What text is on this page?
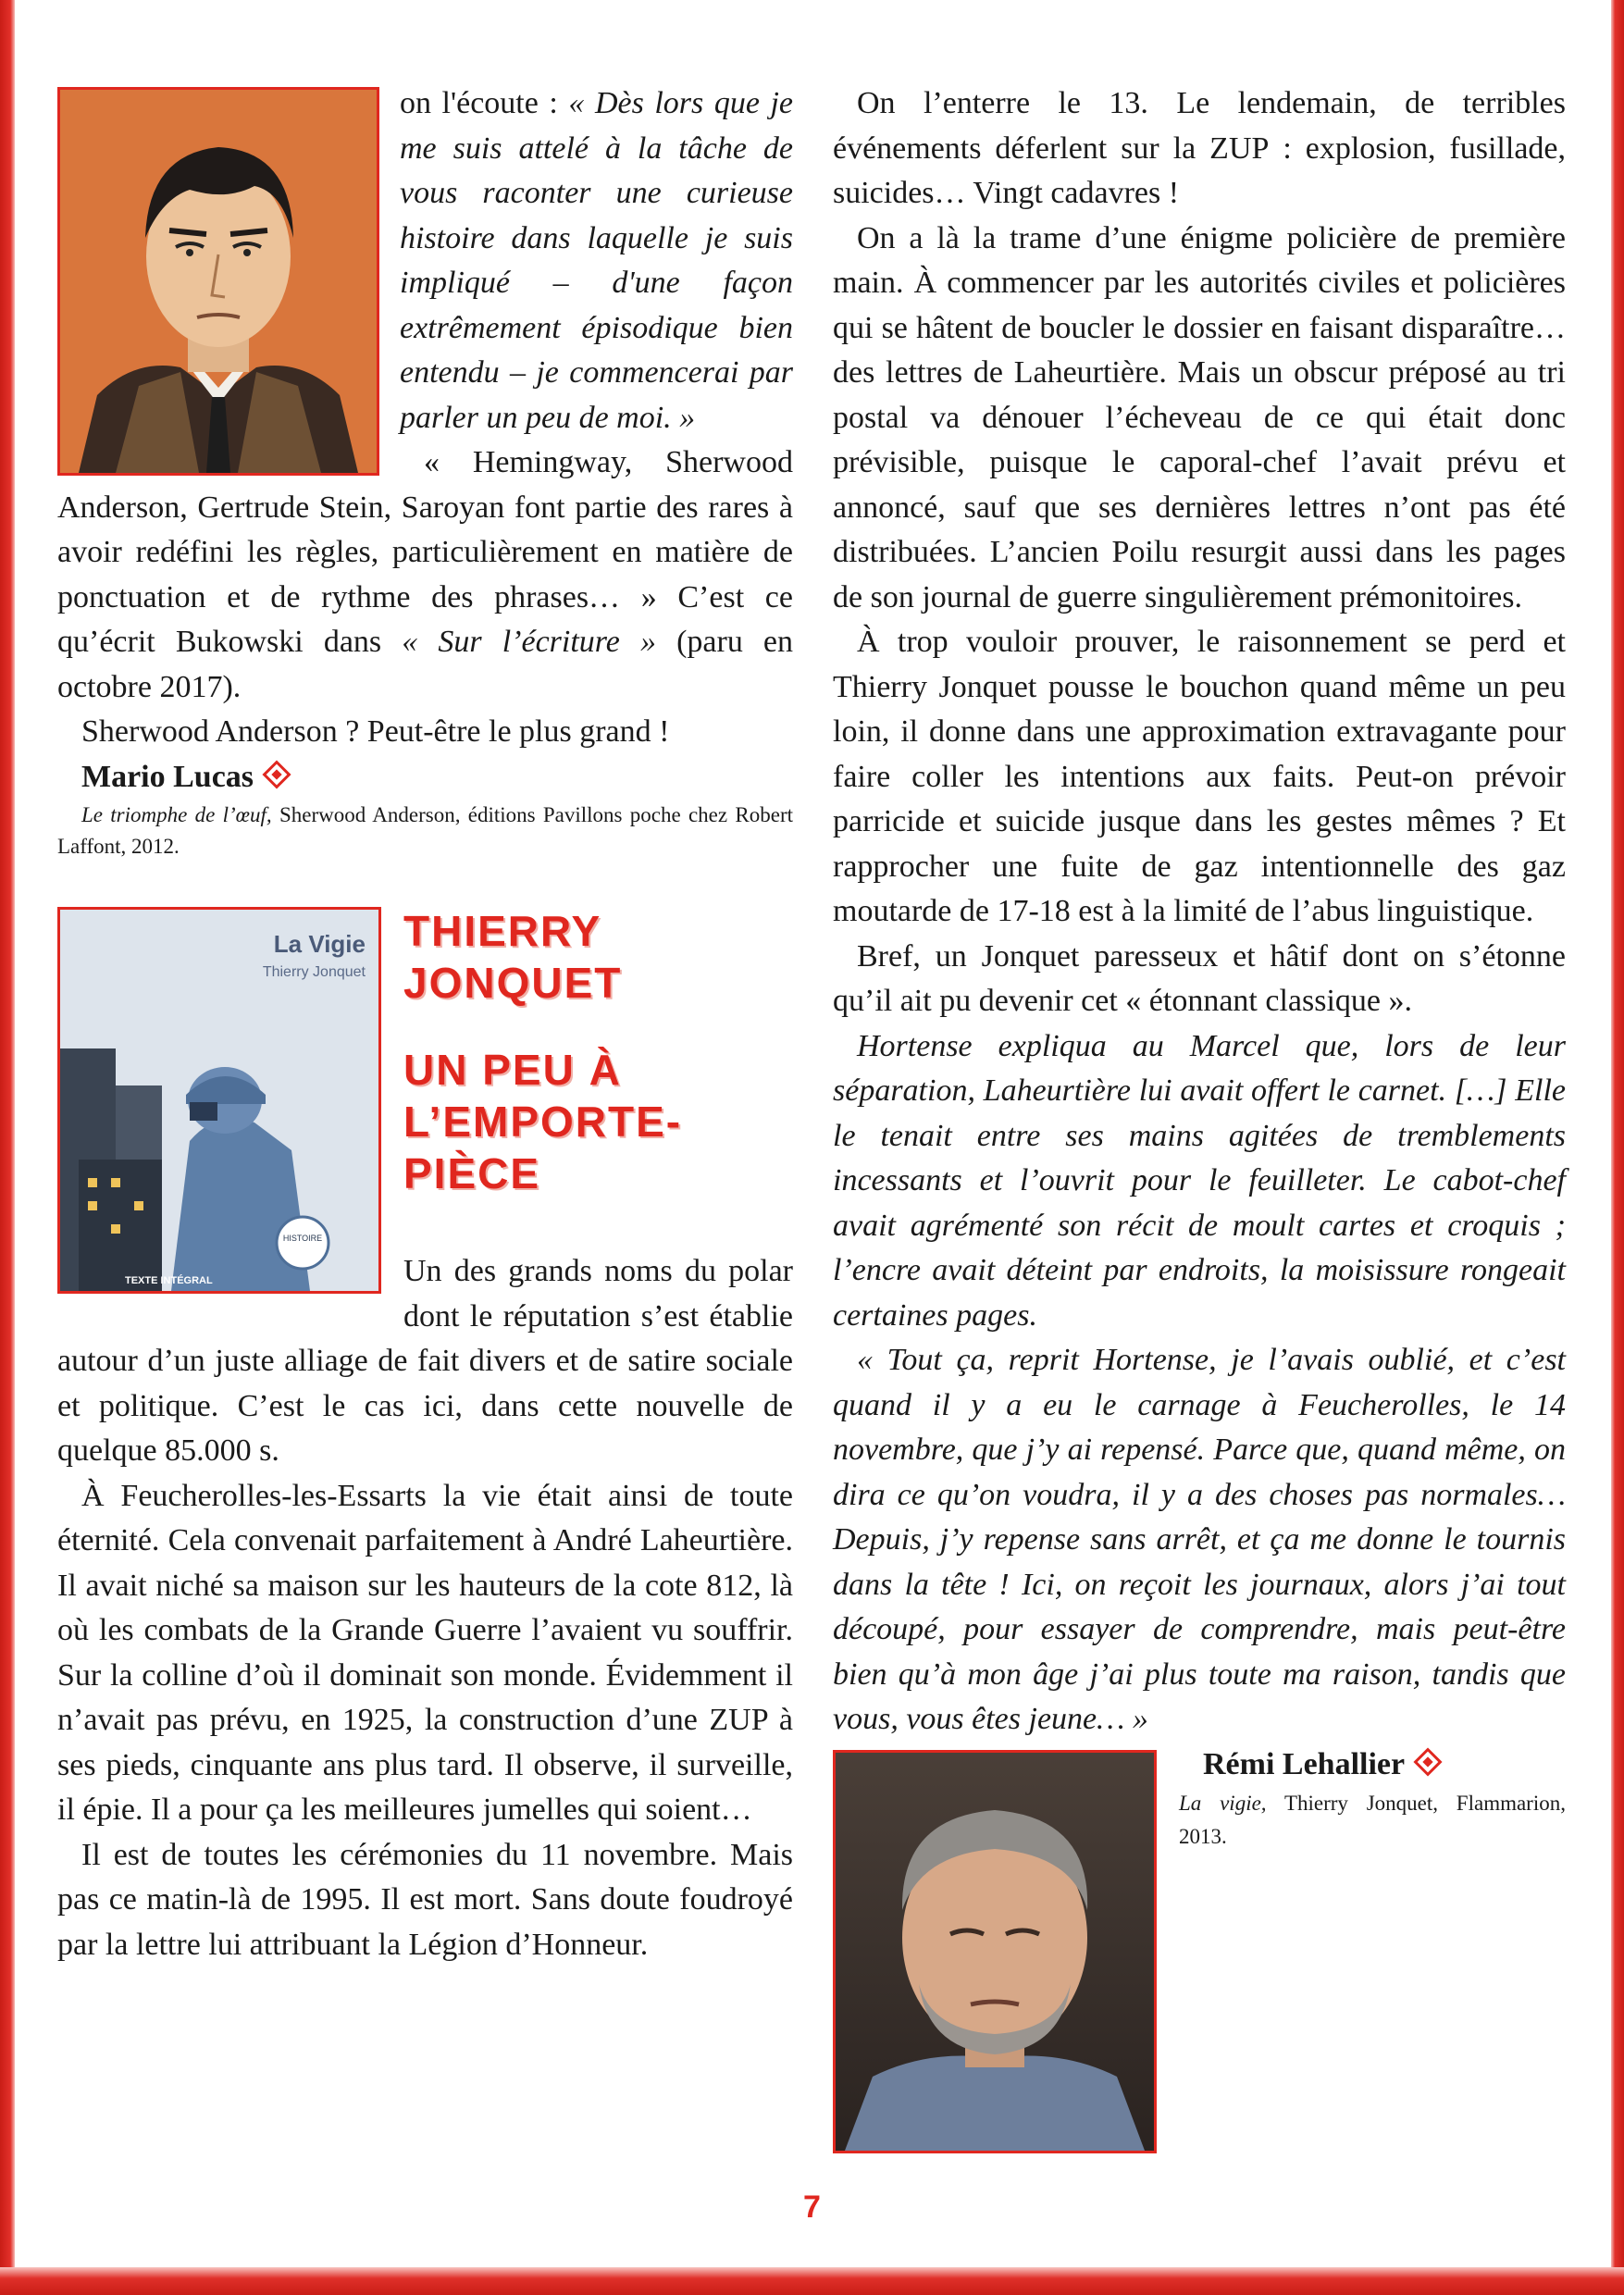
on l'écoute : « Dès lors que je me suis attelé à la tâche de vous raconter une curieuse histoire dans laquelle je suis impliqué – d'une façon extrêmement épisodique bien entendu – je commencerai par parler un peu de moi. »

« Hemingway, Sherwood Anderson, Gertrude Stein, Saroyan font partie des rares à avoir redéfini les règles, particulièrement en matière de ponctuation et de rythme des phrases… » C’est ce qu’écrit Bukowski dans « Sur l’écriture » (paru en octobre 2017).

Sherwood Anderson ? Peut-être le plus grand !

Mario Lucas

Le triomphe de l’œuf, Sherwood Anderson, éditions Pavillons poche chez Robert Laffont, 2012.

La Vigie
Thierry Jonquet
HISTOIRE
TEXTE INTÉGRAL
THIERRY
JONQUET
UN PEU À
L’EMPORTE-
PIÈCE

Un des grands noms du polar dont le réputation s’est établie autour d’un juste alliage de fait divers et de satire sociale et politique. C’est le cas ici, dans cette nouvelle de quelque 85.000 s.

À Feucherolles-les-Essarts la vie était ainsi de toute éternité. Cela convenait parfaitement à André Laheurtière. Il avait niché sa maison sur les hauteurs de la cote 812, là où les combats de la Grande Guerre l’avaient vu souffrir. Sur la colline d’où il dominait son monde. Évidemment il n’avait pas prévu, en 1925, la construction d’une ZUP à ses pieds, cinquante ans plus tard. Il observe, il surveille, il épie. Il a pour ça les meilleures jumelles qui soient…

Il est de toutes les cérémonies du 11 novembre. Mais pas ce matin-là de 1995. Il est mort. Sans doute foudroyé par la lettre lui attribuant la Légion d’Honneur.

On l’enterre le 13. Le lendemain, de terribles événements déferlent sur la ZUP : explosion, fusillade, suicides… Vingt cadavres !

On a là la trame d’une énigme policière de première main. À commencer par les autorités civiles et policières qui se hâtent de boucler le dossier en faisant disparaître… des lettres de Laheurtière. Mais un obscur préposé au tri postal va dénouer l’écheveau de ce qui était donc prévisible, puisque le caporal-chef l’avait prévu et annoncé, sauf que ses dernières lettres n’ont pas été distribuées. L’ancien Poilu resurgit aussi dans les pages de son journal de guerre singulièrement prémonitoires.

À trop vouloir prouver, le raisonnement se perd et Thierry Jonquet pousse le bouchon quand même un peu loin, il donne dans une approximation extravagante pour faire coller les intentions aux faits. Peut-on prévoir parricide et suicide jusque dans les gestes mêmes ? Et rapprocher une fuite de gaz intentionnelle des gaz moutarde de 17-18 est à la limité de l’abus linguistique.

Bref, un Jonquet paresseux et hâtif dont on s’étonne qu’il ait pu devenir cet « étonnant classique ».

Hortense expliqua au Marcel que, lors de leur séparation, Laheurtière lui avait offert le carnet. […] Elle le tenait entre ses mains agitées de tremblements incessants et l’ouvrit pour le feuilleter. Le cabot-chef avait agrémenté son récit de moult cartes et croquis ; l’encre avait déteint par endroits, la moisissure rongeait certaines pages.

« Tout ça, reprit Hortense, je l’avais oublié, et c’est quand il y a eu le carnage à Feucherolles, le 14 novembre, que j’y ai repensé. Parce que, quand même, on dira ce qu’on voudra, il y a des choses pas normales… Depuis, j’y repense sans arrêt, et ça me donne le tournis dans la tête ! Ici, on reçoit les journaux, alors j’ai tout découpé, pour essayer de comprendre, mais peut-être bien qu’à mon âge j’ai plus toute ma raison, tandis que vous, vous êtes jeune… »

Rémi Lehallier

La vigie, Thierry Jonquet, Flammarion, 2013.

7
